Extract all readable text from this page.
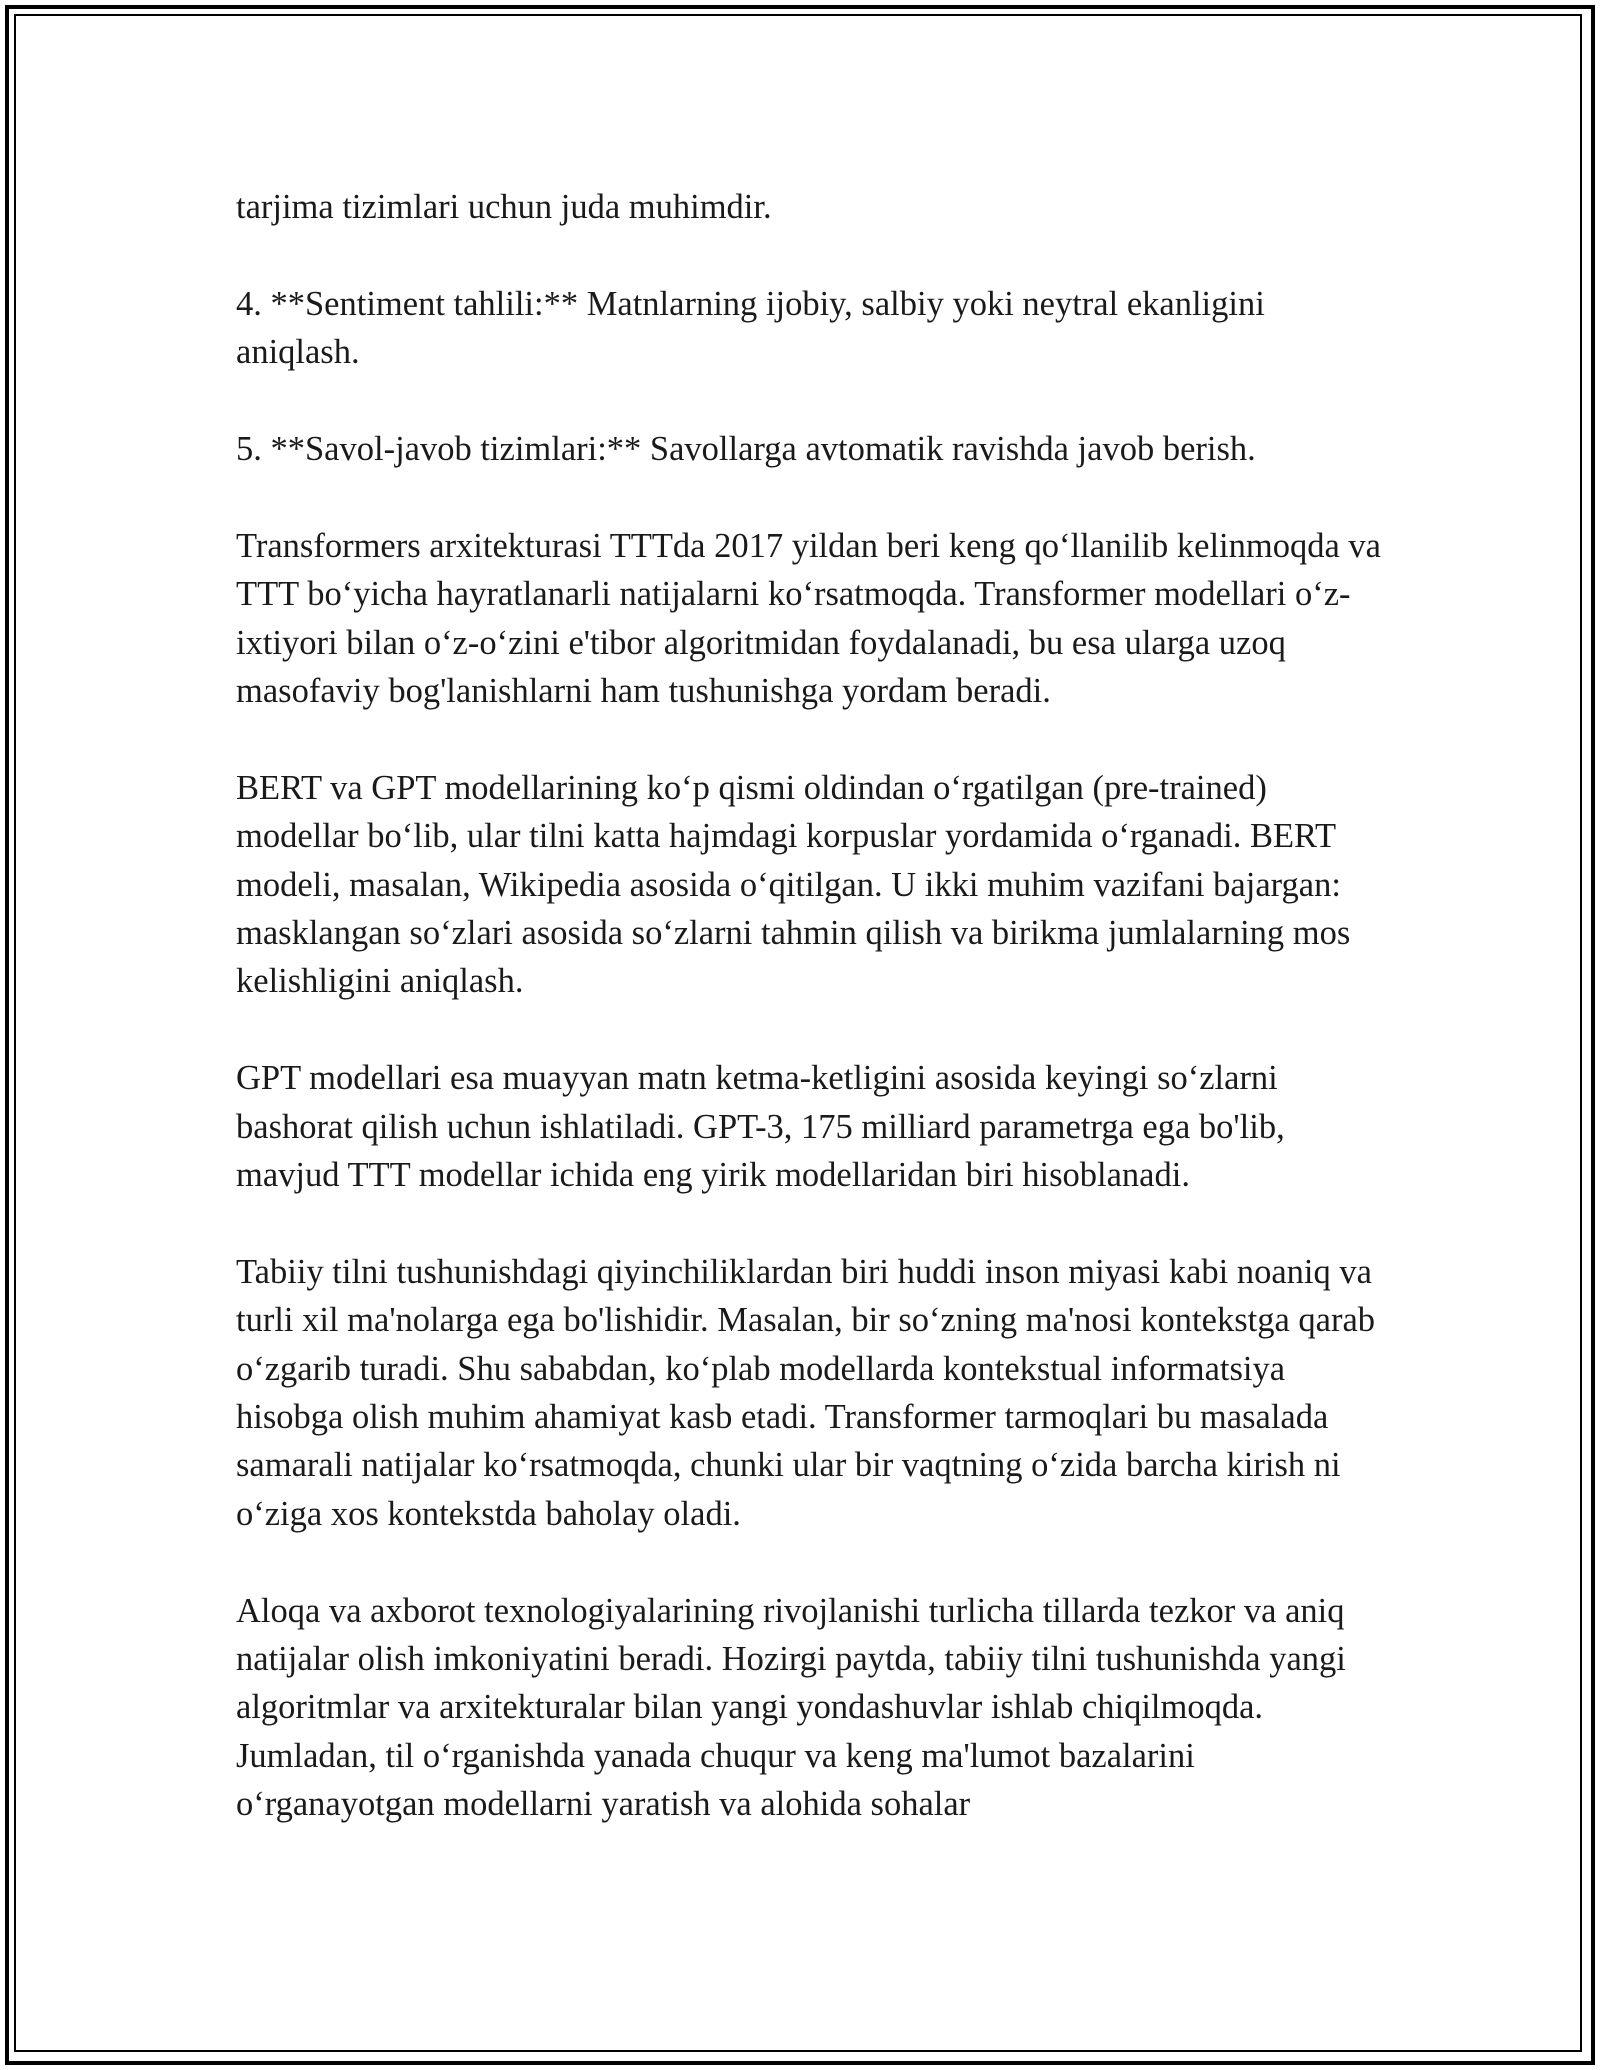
tarjima tizimlari uchun juda muhimdir.

4. **Sentiment tahlili:** Matnlarning ijobiy, salbiy yoki neytral ekanligini aniqlash.

5. **Savol-javob tizimlari:** Savollarga avtomatik ravishda javob berish.

Transformers arxitekturasi TTTda 2017 yildan beri keng qo‘llanilib kelinmoqda va TTT bo‘yicha hayratlanarli natijalarni ko‘rsatmoqda. Transformer modellari o‘z-ixtiyori bilan o‘z-o‘zini e'tibor algoritmidan foydalanadi, bu esa ularga uzoq masofaviy bog'lanishlarni ham tushunishga yordam beradi.

BERT va GPT modellarining ko‘p qismi oldindan o‘rgatilgan (pre-trained) modellar bo‘lib, ular tilni katta hajmdagi korpuslar yordamida o‘rganadi. BERT modeli, masalan, Wikipedia asosida o‘qitilgan. U ikki muhim vazifani bajargan: masklangan so‘zlari asosida so‘zlarni tahmin qilish va birikma jumlalarning mos kelishligini aniqlash.

GPT modellari esa muayyan matn ketma-ketligini asosida keyingi so‘zlarni bashorat qilish uchun ishlatiladi. GPT-3, 175 milliard parametrga ega bo'lib, mavjud TTT modellar ichida eng yirik modellaridan biri hisoblanadi.

Tabiiy tilni tushunishdagi qiyinchiliklardan biri huddi inson miyasi kabi noaniq va turli xil ma'nolarga ega bo'lishidir. Masalan, bir so‘zning ma'nosi kontekstga qarab o‘zgarib turadi. Shu sababdan, ko‘plab modellarda kontekstual informatsiya hisobga olish muhim ahamiyat kasb etadi. Transformer tarmoqlari bu masalada samarali natijalar ko‘rsatmoqda, chunki ular bir vaqtning o‘zida barcha kirish ni o‘ziga xos kontekstda baholay oladi.

Aloqa va axborot texnologiyalarining rivojlanishi turlicha tillarda tezkor va aniq natijalar olish imkoniyatini beradi. Hozirgi paytda, tabiiy tilni tushunishda yangi algoritmlar va arxitekturalar bilan yangi yondashuvlar ishlab chiqilmoqda. Jumladan, til o‘rganishda yanada chuqur va keng ma'lumot bazalarini o‘rganayotgan modellarni yaratish va alohida sohalar
